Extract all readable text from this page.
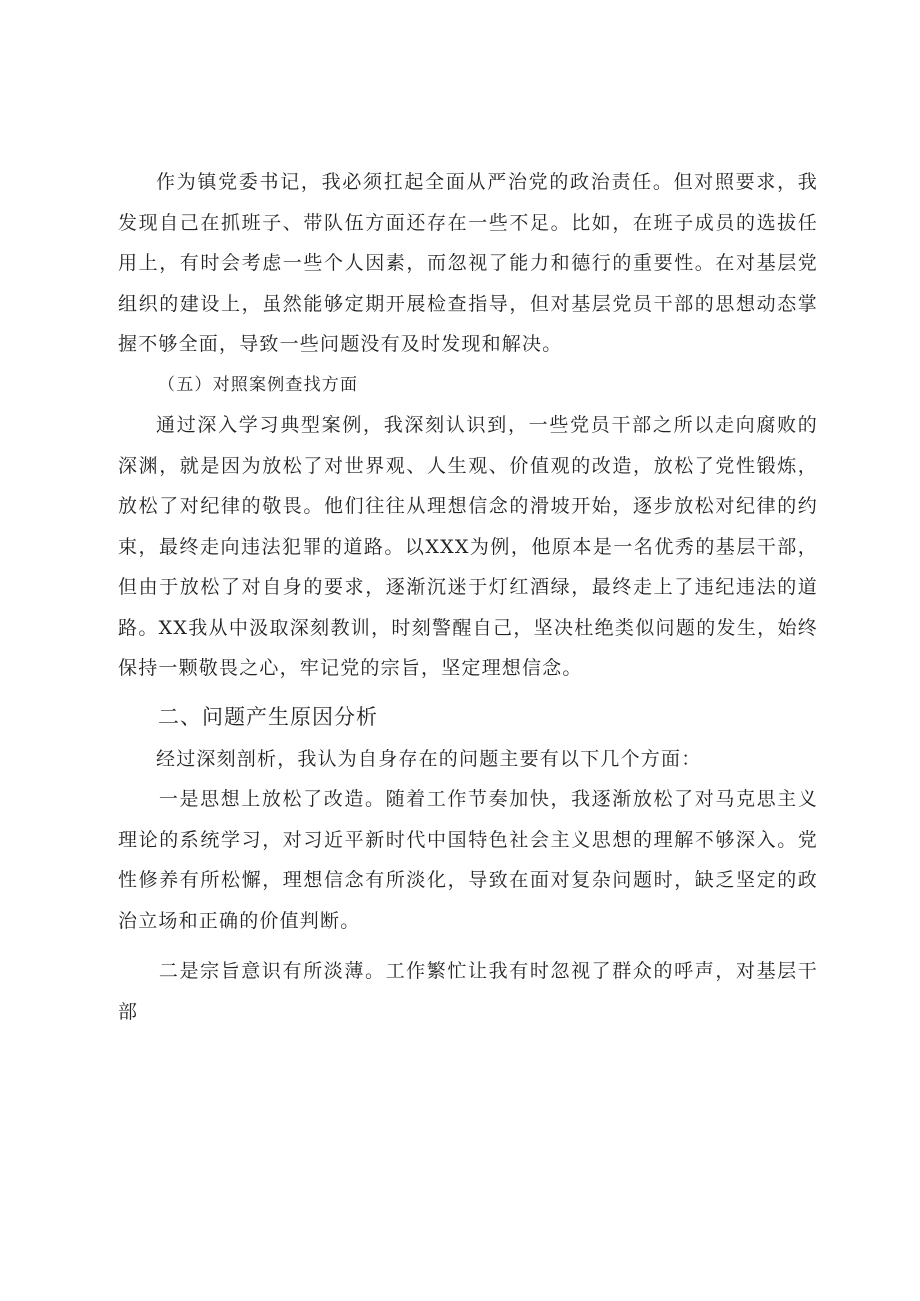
作为镇党委书记，我必须扛起全面从严治党的政治责任。但对照要求，我发现自己在抓班子、带队伍方面还存在一些不足。比如，在班子成员的选拔任用上，有时会考虑一些个人因素，而忽视了能力和德行的重要性。在对基层党组织的建设上，虽然能够定期开展检查指导，但对基层党员干部的思想动态掌握不够全面，导致一些问题没有及时发现和解决。

（五）对照案例查找方面

通过深入学习典型案例，我深刻认识到，一些党员干部之所以走向腐败的深渊，就是因为放松了对世界观、人生观、价值观的改造，放松了党性锻炼，放松了对纪律的敬畏。他们往往从理想信念的滑坡开始，逐步放松对纪律的约束，最终走向违法犯罪的道路。以XXX为例，他原本是一名优秀的基层干部，但由于放松了对自身的要求，逐渐沉迷于灯红酒绿，最终走上了违纪违法的道路。XX我从中汲取深刻教训，时刻警醒自己，坚决杜绝类似问题的发生，始终保持一颗敬畏之心，牢记党的宗旨，坚定理想信念。

二、问题产生原因分析

经过深刻剖析，我认为自身存在的问题主要有以下几个方面：

一是思想上放松了改造。随着工作节奏加快，我逐渐放松了对马克思主义理论的系统学习，对习近平新时代中国特色社会主义思想的理解不够深入。党性修养有所松懈，理想信念有所淡化，导致在面对复杂问题时，缺乏坚定的政治立场和正确的价值判断。

二是宗旨意识有所淡薄。工作繁忙让我有时忽视了群众的呼声，对基层干部
